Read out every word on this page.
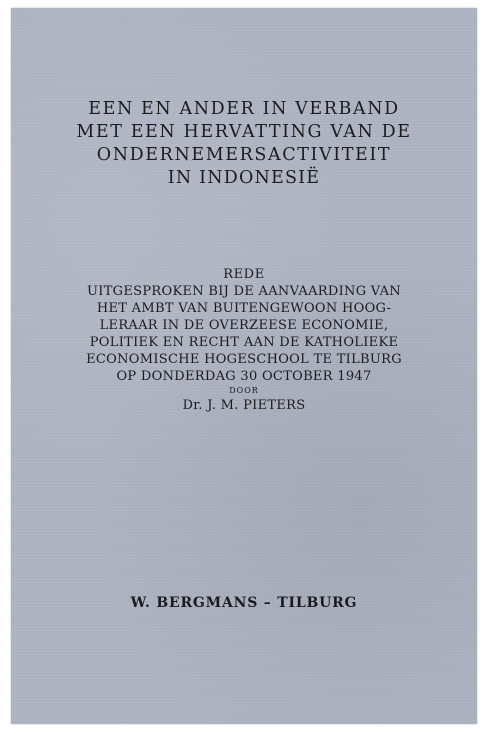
EEN EN ANDER IN VERBAND
MET EEN HERVATTING VAN DE
ONDERNEMERSACTIVITEIT
IN INDONESIË
REDE
UITGESPROKEN BIJ DE AANVAARDING VAN
HET AMBT VAN BUITENGEWOON HOOG-
LERAAR IN DE OVERZEESE ECONOMIE,
POLITIEK EN RECHT AAN DE KATHOLIEKE
ECONOMISCHE HOGESCHOOL TE TILBURG
OP DONDERDAG 30 OCTOBER 1947
DOOR
Dr. J. M. PIETERS
W. BERGMANS – TILBURG
